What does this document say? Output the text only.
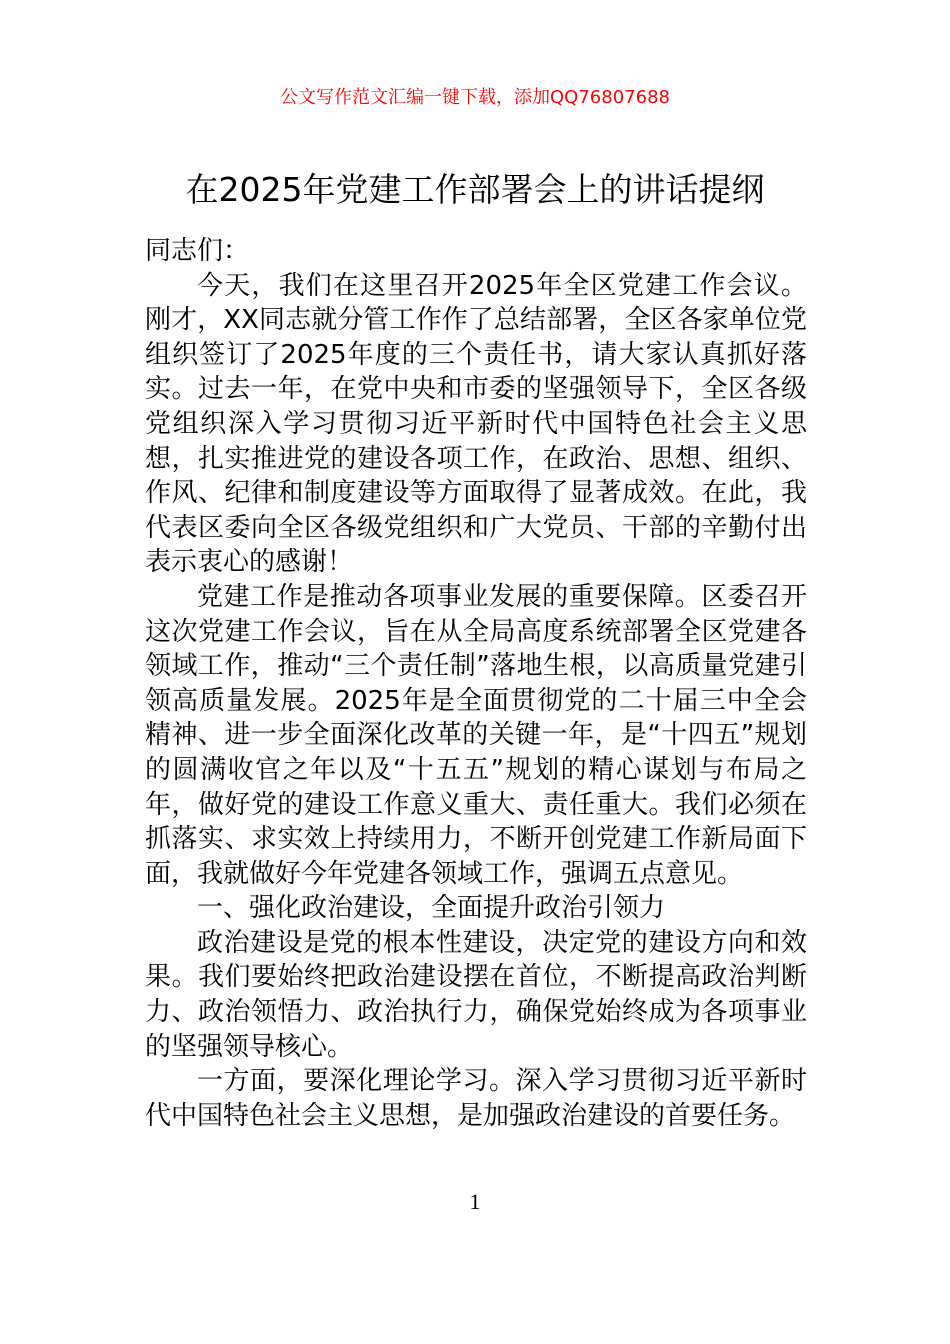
公文写作范文汇编一键下载，添加QQ76807688
在2025年党建工作部署会上的讲话提纲

同志们：

今天，我们在这里召开2025年全区党建工作会议。刚才，XX同志就分管工作作了总结部署，全区各家单位党组织签订了2025年度的三个责任书，请大家认真抓好落实。过去一年，在党中央和市委的坚强领导下，全区各级党组织深入学习贯彻习近平新时代中国特色社会主义思想，扎实推进党的建设各项工作，在政治、思想、组织、作风、纪律和制度建设等方面取得了显著成效。在此，我代表区委向全区各级党组织和广大党员、干部的辛勤付出表示衷心的感谢！

党建工作是推动各项事业发展的重要保障。区委召开这次党建工作会议，旨在从全局高度系统部署全区党建各领域工作，推动“三个责任制”落地生根，以高质量党建引领高质量发展。2025年是全面贯彻党的二十届三中全会精神、进一步全面深化改革的关键一年，是“十四五”规划的圆满收官之年以及“十五五”规划的精心谋划与布局之年，做好党的建设工作意义重大、责任重大。我们必须在抓落实、求实效上持续用力，不断开创党建工作新局面下面，我就做好今年党建各领域工作，强调五点意见。

一、强化政治建设，全面提升政治引领力

政治建设是党的根本性建设，决定党的建设方向和效果。我们要始终把政治建设摆在首位，不断提高政治判断力、政治领悟力、政治执行力，确保党始终成为各项事业的坚强领导核心。

一方面，要深化理论学习。深入学习贯彻习近平新时代中国特色社会主义思想，是加强政治建设的首要任务。

1
